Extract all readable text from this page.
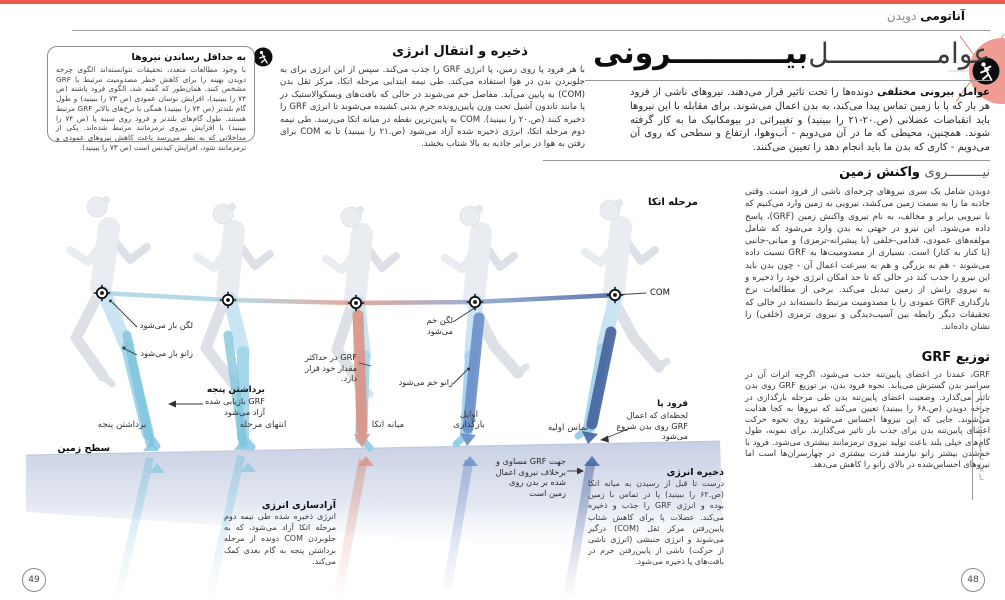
آناتومی دویدن
عوامـــــــــــــل
بیـــــــــــرونی
عوامل بیرونی مختلفی دونده‌ها را تحت تاثیر قرار می‌دهند. نیروهای ناشی از فرود هر بار که پا با زمین تماس پیدا می‌کند، به بدن اعمال می‌شوند. برای مقابله با این نیروها باید انقباضات عضلانی (ص.۲۰-۲۱ را ببینید) و تغییراتی در بیومکانیک ما به کار گرفته شوند. همچنین، محیطی که ما در آن می‌دویم - آب‌وهوا، ارتفاع و سطحی که روی آن می‌دویم - کاری که بدن ما باید انجام دهد را تعیین می‌کنند.
نیـــــــــروی واکنش زمین
دویدن شامل یک سری نیروهای چرخه‌ای ناشی از فرود است. وقتی جاذبه ما را به سمت زمین می‌کشد، نیرویی به زمین وارد می‌کنیم که با نیرویی برابر و مخالف، به نام نیروی واکنش زمین (GRF)، پاسخ داده می‌شود. این نیرو در جهتی به بدن وارد می‌شود که شامل مولفه‌های عمودی، قدامی-خلفی (یا پیشرانه-ترمزی) و میانی-جانبی (یا کنار به کنار) است. بسیاری از مصدومیت‌ها به GRF نسبت داده می‌شوند - هم به بزرگی و هم به سرعت اعمال آن - چون بدن باید این نیرو را جذب کند در حالی که تا حد امکان انرژی خود را ذخیره و به نیروی رانش از زمین تبدیل می‌کند. برخی از مطالعات نرخ بارگذاری GRF عمودی را با مصدومیت مرتبط دانسته‌اند در حالی که تحقیقات دیگر رابطه بین آسیب‌دیدگی و نیروی ترمزی (خلفی) را نشان داده‌اند.
توزیع GRF
GRF، عمدتا در اعضای پایین‌تنه جذب می‌شود، اگرچه اثرات آن در سراسر بدن گسترش می‌یابد. نحوه فرود بدن، بر توزیع GRF روی بدن تاثیر می‌گذارد. وضعیت اعضای پایین‌تنه بدن طی مرحله بارگذاری در چرخه دویدن (ص.۶۸ را ببینید) تعیین می‌کند که نیروها به کجا هدایت می‌شوند. جایی که این نیروها احساس می‌شوند روی نحوه حرکت اعضای پایین‌تنه بدن برای جذب بار تاثیر می‌گذارند. برای نمونه، طول گام‌های خیلی بلند باعث تولید نیروی ترمزمانند بیشتری می‌شود. فرود با خم‌شدن بیشتر زانو نیازمند قدرت بیشتری در چهارسران‌ها است اما نیروهای احساس‌شده در بالای زانو را کاهش می‌دهد.
این کتاب از وبسایت مرجع دانلود شده است
ذخیره و انتقال انرژی
با هر فرود پا روی زمین، پا انرژی GRF را جذب می‌کند. سپس از این انرژی برای به جلوبردن بدن در هوا استفاده می‌کند. طی نیمه ابتدایی مرحله اتکا، مرکز ثقل بدن (COM) به پایین می‌آید. مفاصل خم می‌شوند در حالی که بافت‌های ویسکوالاستیک در پا مانند تاندون آشیل تحت وزن پایین‌رونده جرم بدنی کشیده می‌شوند تا انرژی GRF را ذخیره کنند (ص.۲۰ را ببینید). COM به پایین‌ترین نقطه در میانه اتکا می‌رسد. طی نیمه دوم مرحله اتکا، انرژی ذخیره شده آزاد می‌شود (ص.۲۱ را ببینید) تا به COM برای رفتن به هوا در برابر جاذبه به بالا شتاب بخشد.
به حداقل رساندن نیروها
با وجود مطالعات متعدد، تحقیقات نتوانسته‌اند الگوی چرخه دویدن بهینه را برای کاهش خطر مصدومیت مرتبط با GRF مشخص کنند. همان‌طور که گفته شد، الگوی فرود پاشنه (ص ۷۴ را ببینید)، افزایش نوسان عمودی (ص ۷۳ را ببینید) و طول گام بلندتر (ص ۷۴ را ببینید) همگی با نرخ‌های بالاتر GRF مرتبط هستند. طول گام‌های بلندتر و فرود روی سینه پا (ص ۷۴ را ببینید) با افزایش نیروی ترمزمانند مرتبط شده‌اند. یکی از مداخلاتی که به نظر می‌رسد باعث کاهش نیروهای عمودی و ترمزمانند شود، افزایش کیدنس است (ص ۷۳ را ببینید).
مرحله اتکا
COM
سطح زمین
برداشتن پنجه	انتهای مرحله	میانه اتکا
اوایل بارگذاری	تماس اولیه
لگن باز می‌شود
زانو باز می‌شود
برداشتن پنجه
GRF بازیابی شده آزاد می‌شود
GRF در حداکثر مقدار خود قرار دارد.
لگن خم می‌شود
زانو خم می‌شود
فرود پا
لحظه‌ای که اعمال GRF روی بدن شروع می‌شود
جهت GRF مساوی و برخلاف نیروی اعمال شده بر بدن روی زمین است
ذخیره انرژی
درست تا قبل از رسیدن به میانه اتکا (ص.۶۲ را ببینید) پا در تماس با زمین بوده و انرژی GRF را جذب و ذخیره می‌کند. عضلات پا برای کاهش شتاب پایین‌رفتن مرکز ثقل (COM) درگیر می‌شوند و انرژی جنبشی (انرژی ناشی از حرکت) ناشی از پایین‌رفتن جرم در بافت‌های پا ذخیره می‌شود.
آزادسازی انرژی
انرژی ذخیره شده طی نیمه دوم مرحله اتکا آزاد می‌شود، که به جلوبردن COM دونده از مرحله برداشتن پنجه به گام بعدی کمک می‌کند.
49	48
